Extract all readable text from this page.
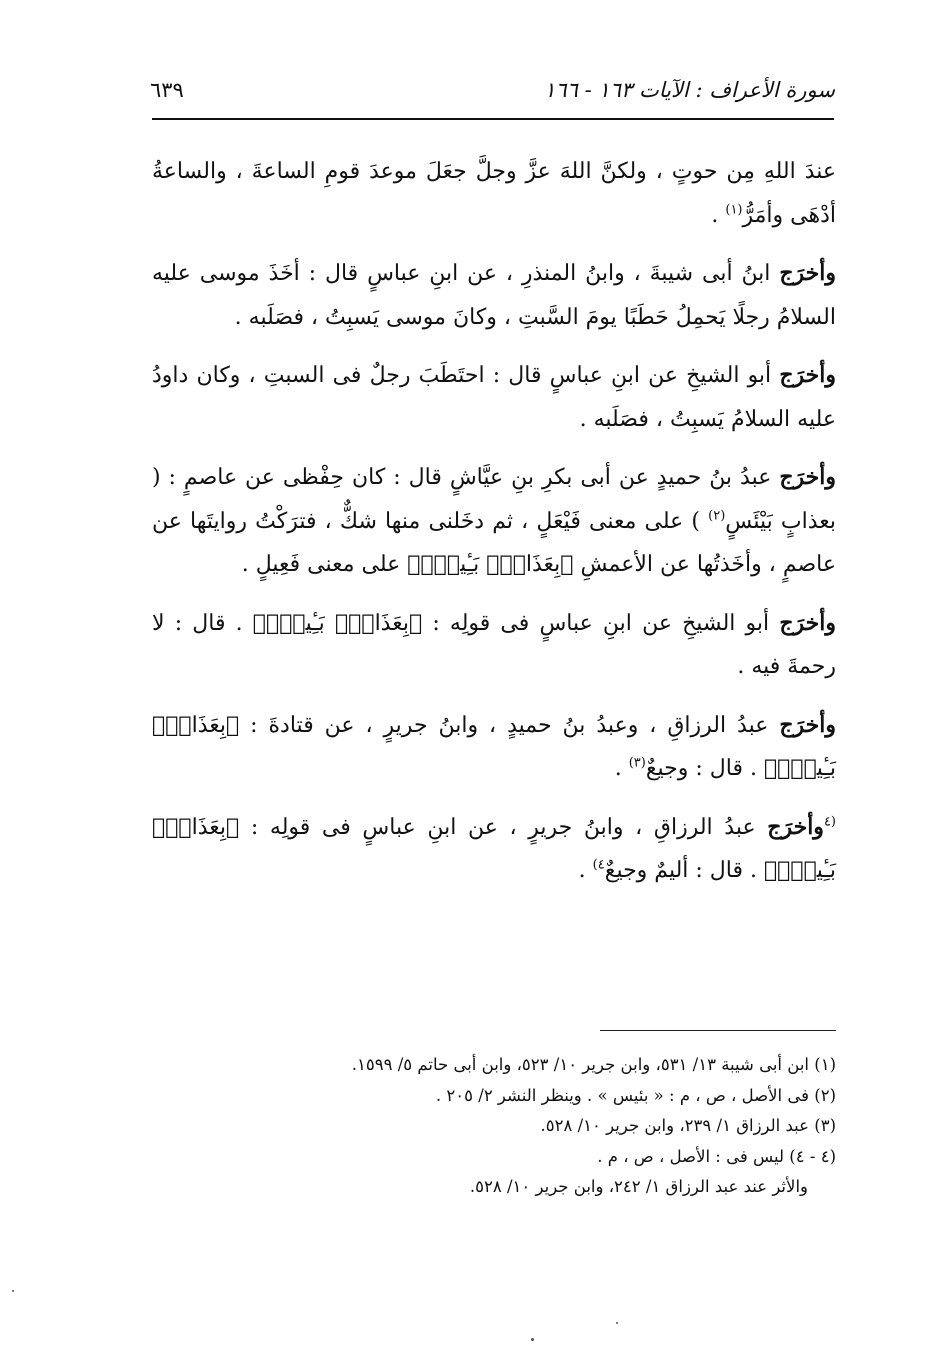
سورة الأعراف : الآيات ١٦٣ - ١٦٦
٦٣٩

عندَ اللهِ مِن حوتٍ ، ولكنَّ اللهَ عزَّ وجلَّ جعَلَ موعدَ قومِ الساعةَ ، والساعةُ أدْهَى وأمَرُّ$^{(١)}$ .

وأخرَج ابنُ أبى شيبةَ ، وابنُ المنذرِ ، عن ابنِ عباسٍ قال : أخَذَ موسى عليه السلامُ رجلًا يَحمِلُ حَطَبًا يومَ السَّبتِ ، وكانَ موسى يَسبِتُ ، فصَلَبه .

وأخرَج أبو الشيخِ عن ابنِ عباسٍ قال : احتَطَبَ رجلٌ فى السبتِ ، وكان داودُ عليه السلامُ يَسبِتُ ، فصَلَبه .

وأخرَج عبدُ بنُ حميدٍ عن أبى بكرِ بنِ عيَّاشٍ قال : كان حِفْظى عن عاصمٍ : ( بعذابٍ بَيْئَسٍ$^{(٢)}$ ) على معنى فَيْعَلٍ ، ثم دخَلنى منها شكٌّ ، فترَكْتُ روايتَها عن عاصمٍ ، وأخَذتُها عن الأعمشِ ﴿بِعَذَابٍۭ بَـِٔيسٍۭ﴾ على معنى فَعِيلٍ .

وأخرَج أبو الشيخِ عن ابنِ عباسٍ فى قولِه : ﴿بِعَذَابٍۭ بَـِٔيسٍۭ﴾ . قال : لا رحمةَ فيه .

وأخرَج عبدُ الرزاقِ ، وعبدُ بنُ حميدٍ ، وابنُ جريرٍ ، عن قتادةَ : ﴿بِعَذَابٍۭ بَـِٔيسٍۭ﴾ . قال : وجيعٌ$^{(٣)}$ .

$^{(٤}$وأخرَج عبدُ الرزاقِ ، وابنُ جريرٍ ، عن ابنِ عباسٍ فى قولِه : ﴿بِعَذَابٍۭ بَـِٔيسٍۭ﴾ . قال : أليمٌ وجيعٌ$^{٤)}$ .

(١) ابن أبى شيبة ١٣/ ٥٣١، وابن جرير ١٠/ ٥٢٣، وابن أبى حاتم ٥/ ١٥٩٩.

(٢) فى الأصل ، ص ، م : « بئيس » . وينظر النشر ٢/ ٢٠٥ .

(٣) عبد الرزاق ١/ ٢٣٩، وابن جرير ١٠/ ٥٢٨.

(٤ - ٤) ليس فى : الأصل ، ص ، م .

والأثر عند عبد الرزاق ١/ ٢٤٢، وابن جرير ١٠/ ٥٢٨.
